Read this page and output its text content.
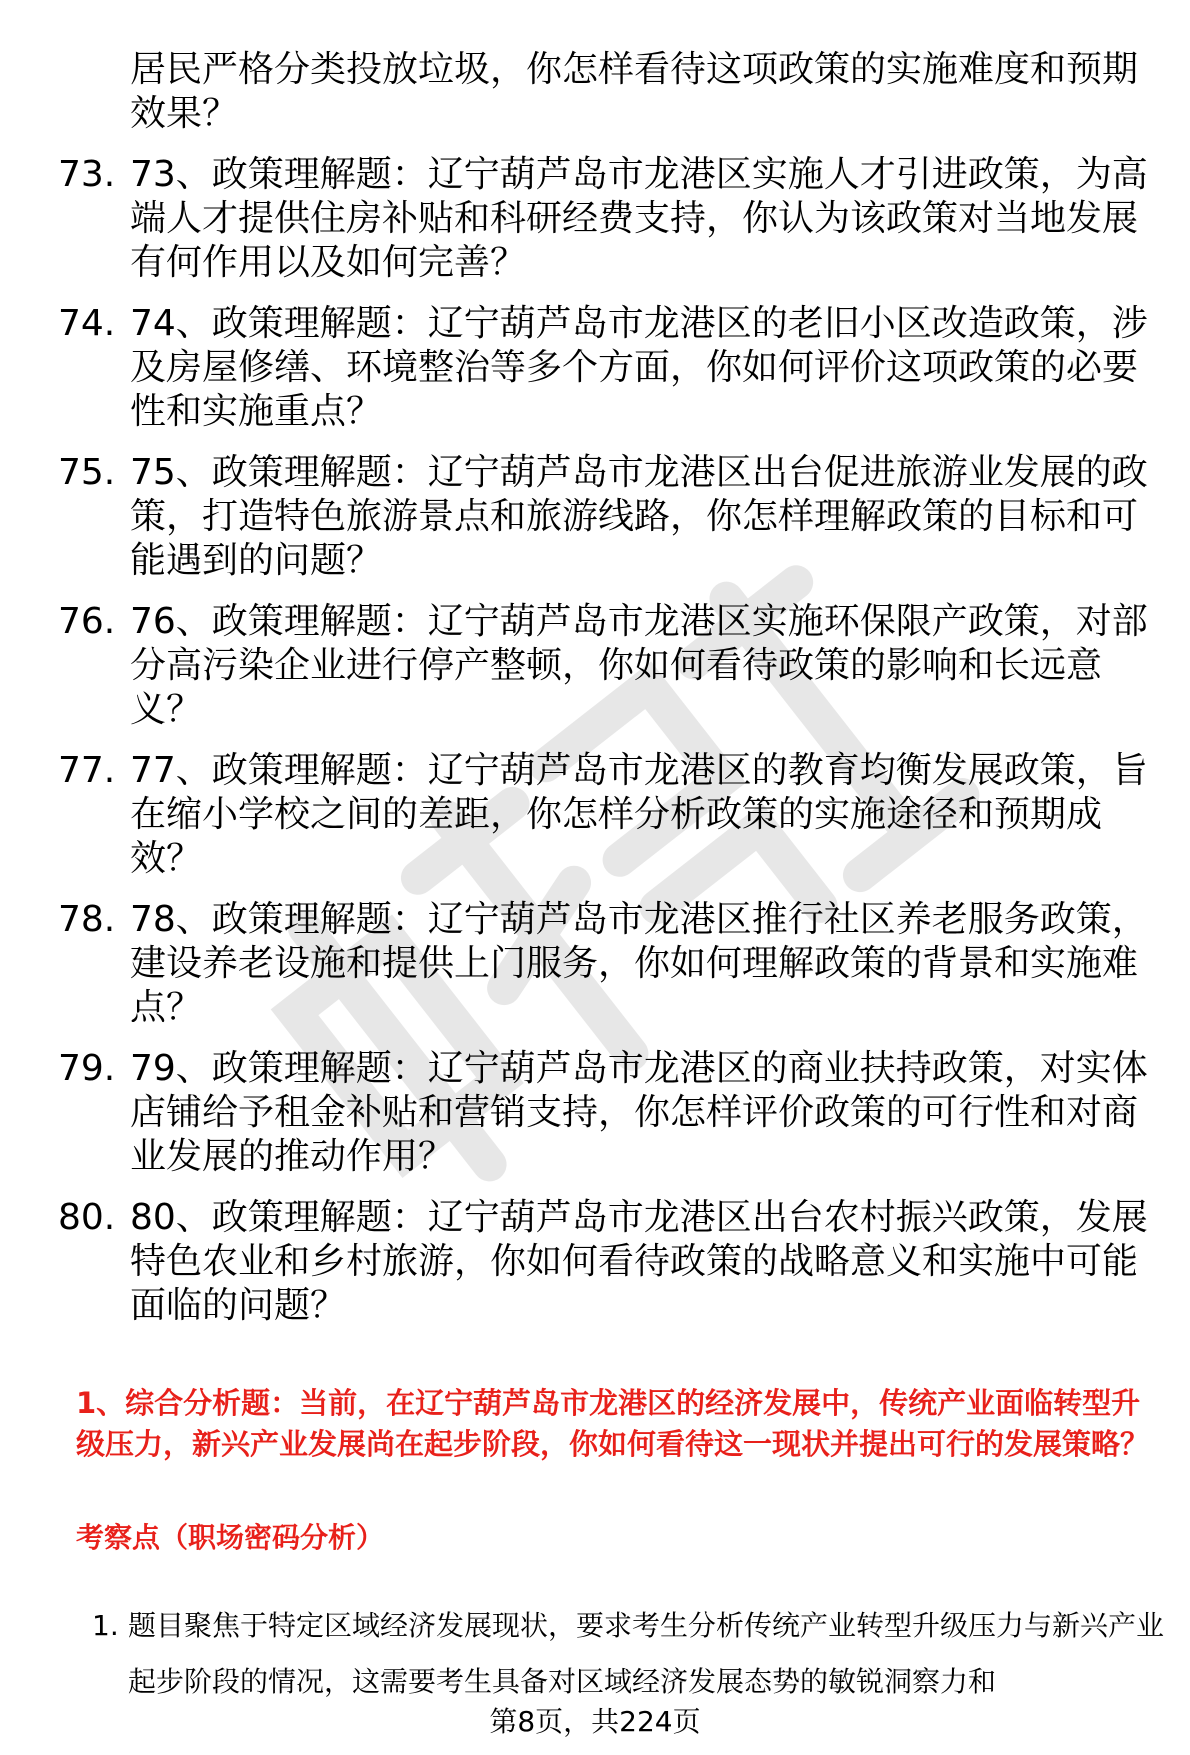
居民严格分类投放垃圾，你怎样看待这项政策的实施难度和预期效果？
73. 73、政策理解题：辽宁葫芦岛市龙港区实施人才引进政策，为高端人才提供住房补贴和科研经费支持，你认为该政策对当地发展有何作用以及如何完善？
74. 74、政策理解题：辽宁葫芦岛市龙港区的老旧小区改造政策，涉及房屋修缮、环境整治等多个方面，你如何评价这项政策的必要性和实施重点？
75. 75、政策理解题：辽宁葫芦岛市龙港区出台促进旅游业发展的政策，打造特色旅游景点和旅游线路，你怎样理解政策的目标和可能遇到的问题？
76. 76、政策理解题：辽宁葫芦岛市龙港区实施环保限产政策，对部分高污染企业进行停产整顿，你如何看待政策的影响和长远意义？
77. 77、政策理解题：辽宁葫芦岛市龙港区的教育均衡发展政策，旨在缩小学校之间的差距，你怎样分析政策的实施途径和预期成效？
78. 78、政策理解题：辽宁葫芦岛市龙港区推行社区养老服务政策，建设养老设施和提供上门服务，你如何理解政策的背景和实施难点？
79. 79、政策理解题：辽宁葫芦岛市龙港区的商业扶持政策，对实体店铺给予租金补贴和营销支持，你怎样评价政策的可行性和对商业发展的推动作用？
80. 80、政策理解题：辽宁葫芦岛市龙港区出台农村振兴政策，发展特色农业和乡村旅游，你如何看待政策的战略意义和实施中可能面临的问题？
1、综合分析题：当前，在辽宁葫芦岛市龙港区的经济发展中，传统产业面临转型升级压力，新兴产业发展尚在起步阶段，你如何看待这一现状并提出可行的发展策略？
考察点（职场密码分析）
1. 题目聚焦于特定区域经济发展现状，要求考生分析传统产业转型升级压力与新兴产业起步阶段的情况，这需要考生具备对区域经济发展态势的敏锐洞察力和
第8页，共224页
